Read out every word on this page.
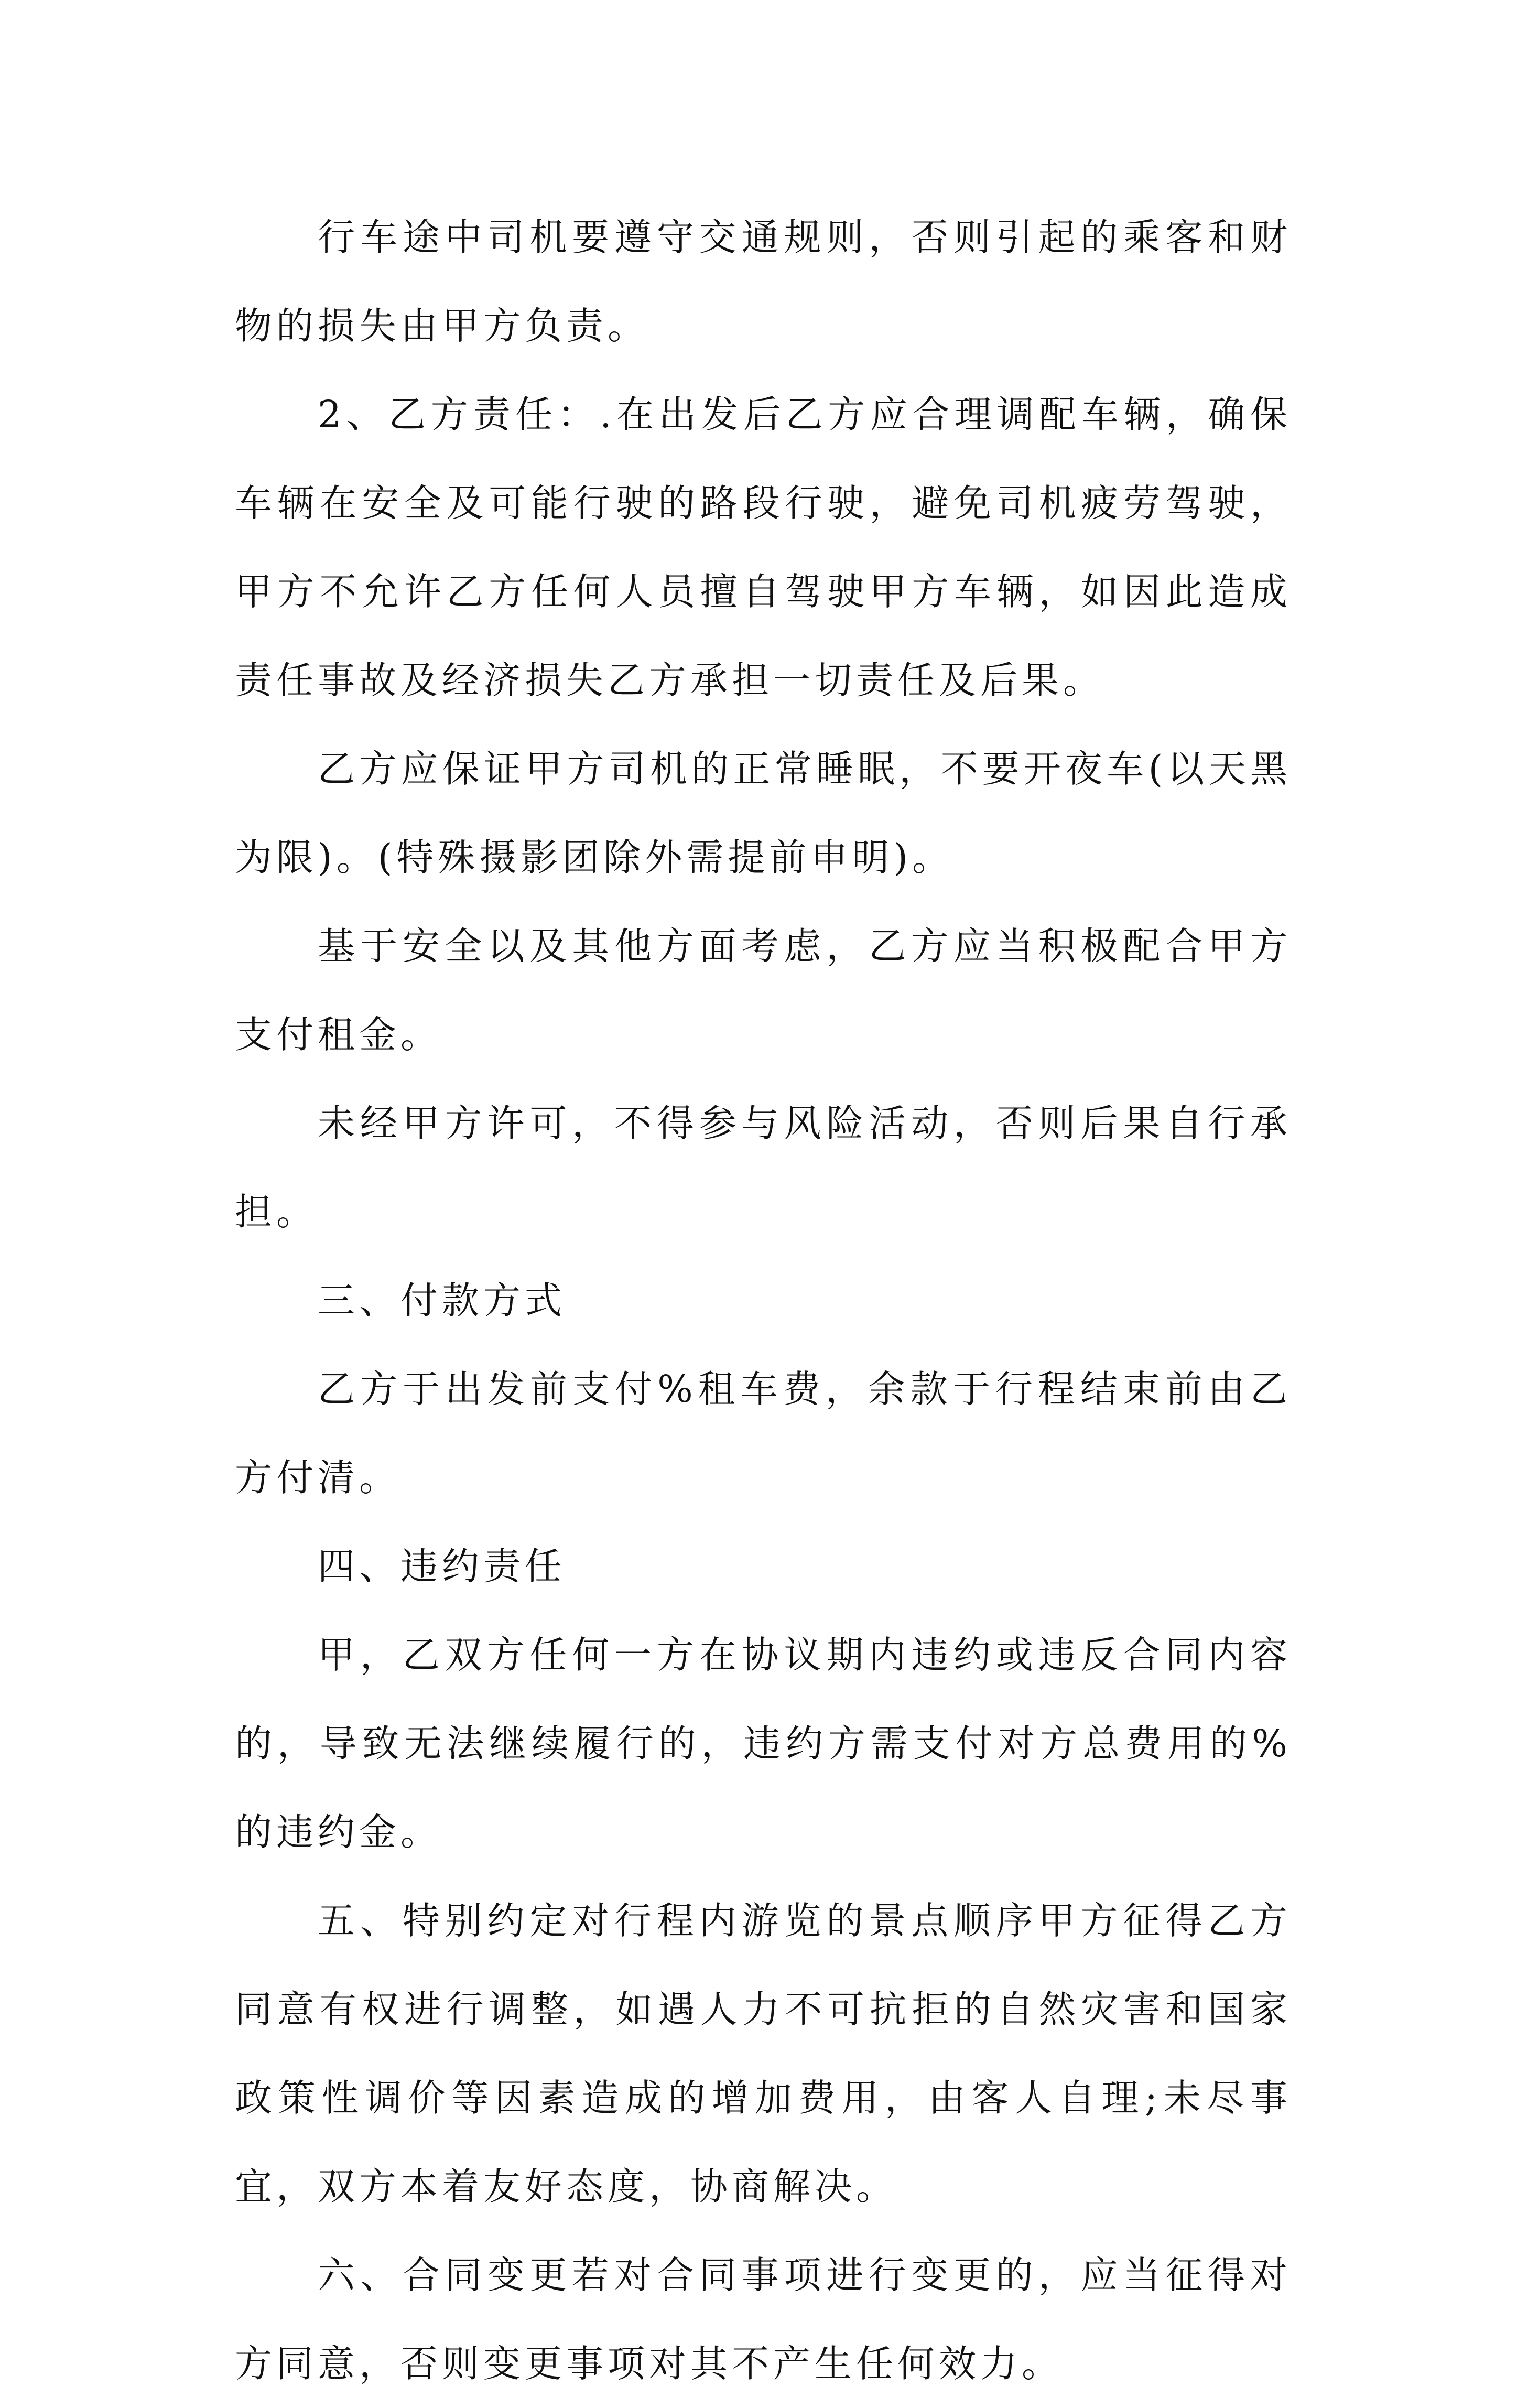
行车途中司机要遵守交通规则，否则引起的乘客和财物的损失由甲方负责。

2、乙方责任：.在出发后乙方应合理调配车辆，确保车辆在安全及可能行驶的路段行驶，避免司机疲劳驾驶，甲方不允许乙方任何人员擅自驾驶甲方车辆，如因此造成责任事故及经济损失乙方承担一切责任及后果。

乙方应保证甲方司机的正常睡眠，不要开夜车(以天黑为限)。(特殊摄影团除外需提前申明)。

基于安全以及其他方面考虑，乙方应当积极配合甲方支付租金。

未经甲方许可，不得参与风险活动，否则后果自行承担。

三、付款方式

乙方于出发前支付%租车费，余款于行程结束前由乙方付清。

四、违约责任

甲，乙双方任何一方在协议期内违约或违反合同内容的，导致无法继续履行的，违约方需支付对方总费用的%的违约金。

五、特别约定对行程内游览的景点顺序甲方征得乙方同意有权进行调整，如遇人力不可抗拒的自然灾害和国家政策性调价等因素造成的增加费用，由客人自理;未尽事宜，双方本着友好态度，协商解决。

六、合同变更若对合同事项进行变更的，应当征得对方同意，否则变更事项对其不产生任何效力。
